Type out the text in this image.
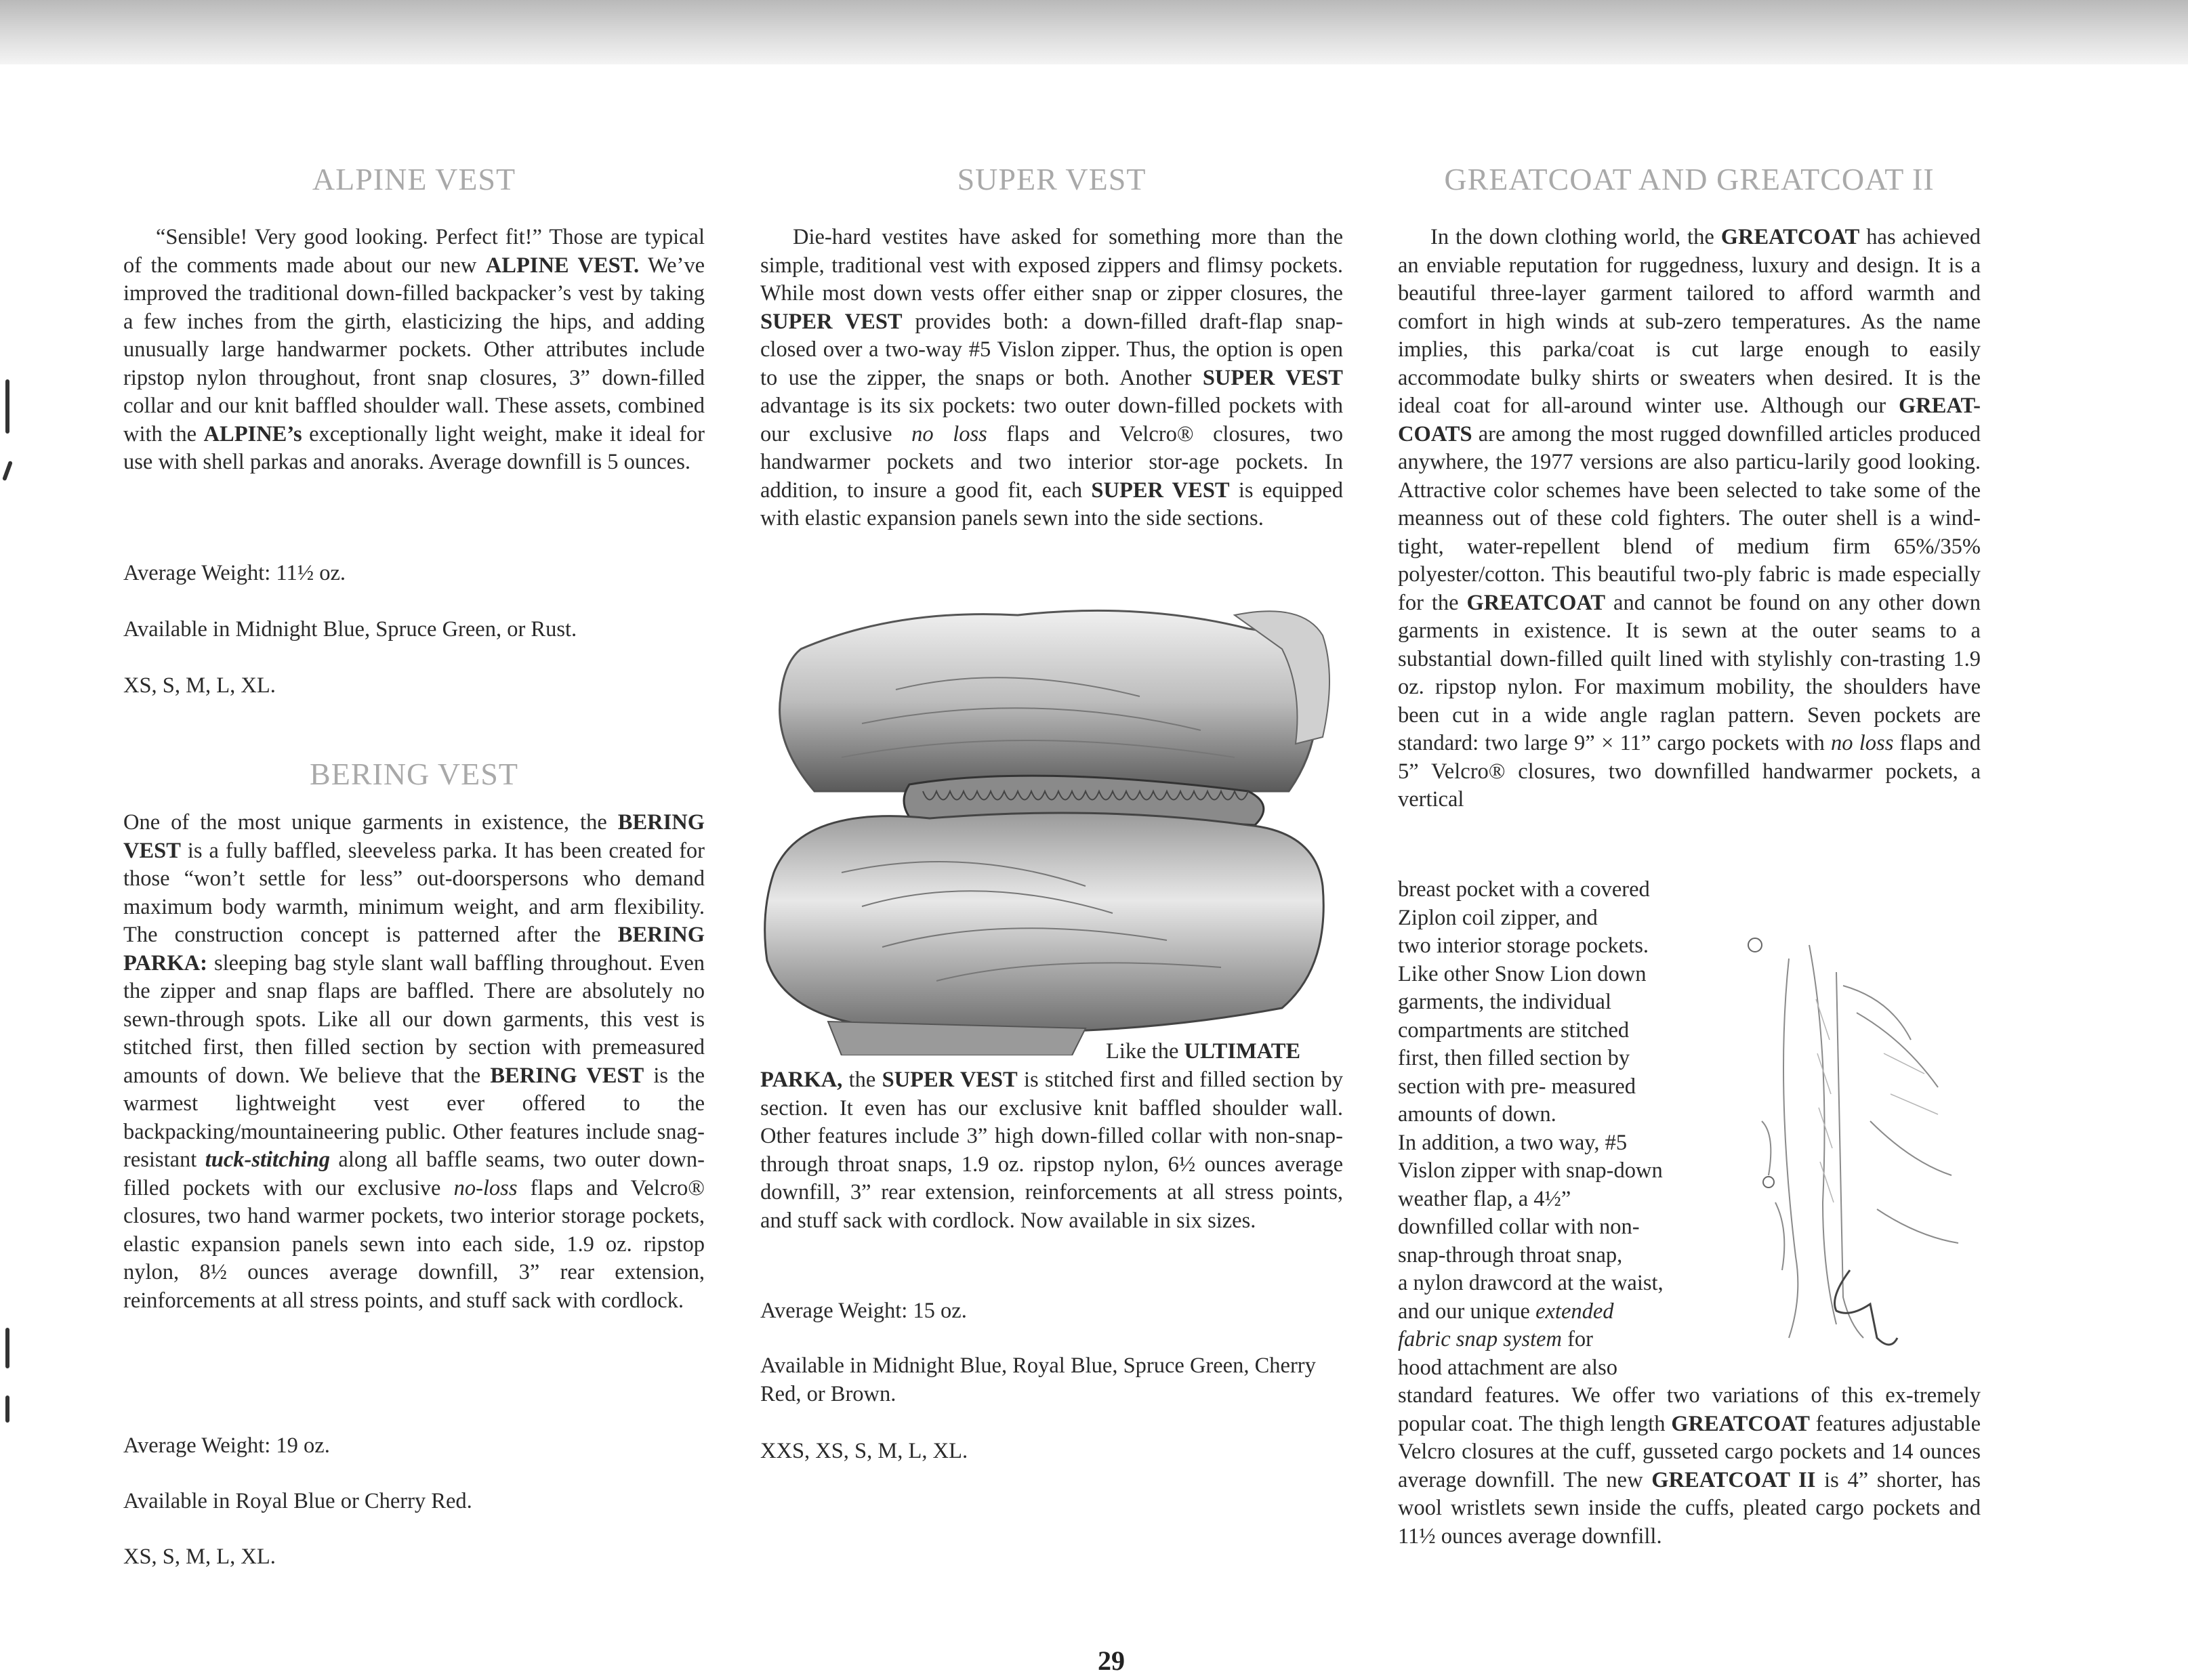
ALPINE VEST

“Sensible! Very good looking. Perfect fit!” Those are typical of the comments made about our new ALPINE VEST. We’ve improved the traditional down-filled backpacker’s vest by taking a few inches from the girth, elasticizing the hips, and adding unusually large handwarmer pockets. Other attributes include ripstop nylon throughout, front snap closures, 3” down-filled collar and our knit baffled shoulder wall. These assets, combined with the ALPINE’s exceptionally light weight, make it ideal for use with shell parkas and anoraks. Average downfill is 5 ounces.

Average Weight: 11½ oz.

Available in Midnight Blue, Spruce Green, or Rust.

XS, S, M, L, XL.

BERING VEST

One of the most unique garments in existence, the BERING VEST is a fully baffled, sleeveless parka. It has been created for those “won’t settle for less” out-doorspersons who demand maximum body warmth, minimum weight, and arm flexibility. The construction concept is patterned after the BERING PARKA: sleeping bag style slant wall baffling throughout. Even the zipper and snap flaps are baffled. There are absolutely no sewn-through spots. Like all our down garments, this vest is stitched first, then filled section by section with premeasured amounts of down. We believe that the BERING VEST is the warmest lightweight vest ever offered to the backpacking/mountaineering public. Other features include snag-resistant tuck-stitching along all baffle seams, two outer down-filled pockets with our exclusive no-loss flaps and Velcro® closures, two hand warmer pockets, two interior storage pockets, elastic expansion panels sewn into each side, 1.9 oz. ripstop nylon, 8½ ounces average downfill, 3” rear extension, reinforcements at all stress points, and stuff sack with cordlock.

Average Weight: 19 oz.

Available in Royal Blue or Cherry Red.

XS, S, M, L, XL.

SUPER VEST

Die-hard vestites have asked for something more than the simple, traditional vest with exposed zippers and flimsy pockets. While most down vests offer either snap or zipper closures, the SUPER VEST provides both: a down-filled draft-flap snap-closed over a two-way #5 Vislon zipper. Thus, the option is open to use the zipper, the snaps or both. Another SUPER VEST advantage is its six pockets: two outer down-filled pockets with our exclusive no loss flaps and Velcro® closures, two handwarmer pockets and two interior stor-age pockets. In addition, to insure a good fit, each SUPER VEST is equipped with elastic expansion panels sewn into the side sections.

Like the ULTIMATE

PARKA, the SUPER VEST is stitched first and filled section by section. It even has our exclusive knit baffled shoulder wall. Other features include 3” high down-filled collar with non-snap-through throat snaps, 1.9 oz. ripstop nylon, 6½ ounces average downfill, 3” rear extension, reinforcements at all stress points, and stuff sack with cordlock. Now available in six sizes.

Average Weight: 15 oz.

Available in Midnight Blue, Royal Blue, Spruce Green, Cherry Red, or Brown.

XXS, XS, S, M, L, XL.

GREATCOAT AND GREATCOAT II

In the down clothing world, the GREATCOAT has achieved an enviable reputation for ruggedness, luxury and design. It is a beautiful three-layer garment tailored to afford warmth and comfort in high winds at sub-zero temperatures. As the name implies, this parka/coat is cut large enough to easily accommodate bulky shirts or sweaters when desired. It is the ideal coat for all-around winter use. Although our GREAT-COATS are among the most rugged downfilled articles produced anywhere, the 1977 versions are also particu-larily good looking. Attractive color schemes have been selected to take some of the meanness out of these cold fighters. The outer shell is a wind-tight, water-repellent blend of medium firm 65%/35% polyester/cotton. This beautiful two-ply fabric is made especially for the GREATCOAT and cannot be found on any other down garments in existence. It is sewn at the outer seams to a substantial down-filled quilt lined with stylishly con-trasting 1.9 oz. ripstop nylon. For maximum mobility, the shoulders have been cut in a wide angle raglan pattern. Seven pockets are standard: two large 9” × 11” cargo pockets with no loss flaps and 5” Velcro® closures, two downfilled handwarmer pockets, a vertical

breast pocket with a covered

Ziplon coil zipper, and

two interior storage pockets.

Like other Snow Lion down

garments, the individual

compartments are stitched

first, then filled section by

section with pre- measured

amounts of down.

In addition, a two way, #5

Vislon zipper with snap-down

weather flap, a 4½”

downfilled collar with non-

snap-through throat snap,

a nylon drawcord at the waist,

and our unique extended

fabric snap system for

hood attachment are also

standard features. We offer two variations of this ex-tremely popular coat. The thigh length GREATCOAT features adjustable Velcro closures at the cuff, gusseted cargo pockets and 14 ounces average downfill. The new GREATCOAT II is 4” shorter, has wool wristlets sewn inside the cuffs, pleated cargo pockets and 11½ ounces average downfill.

29
